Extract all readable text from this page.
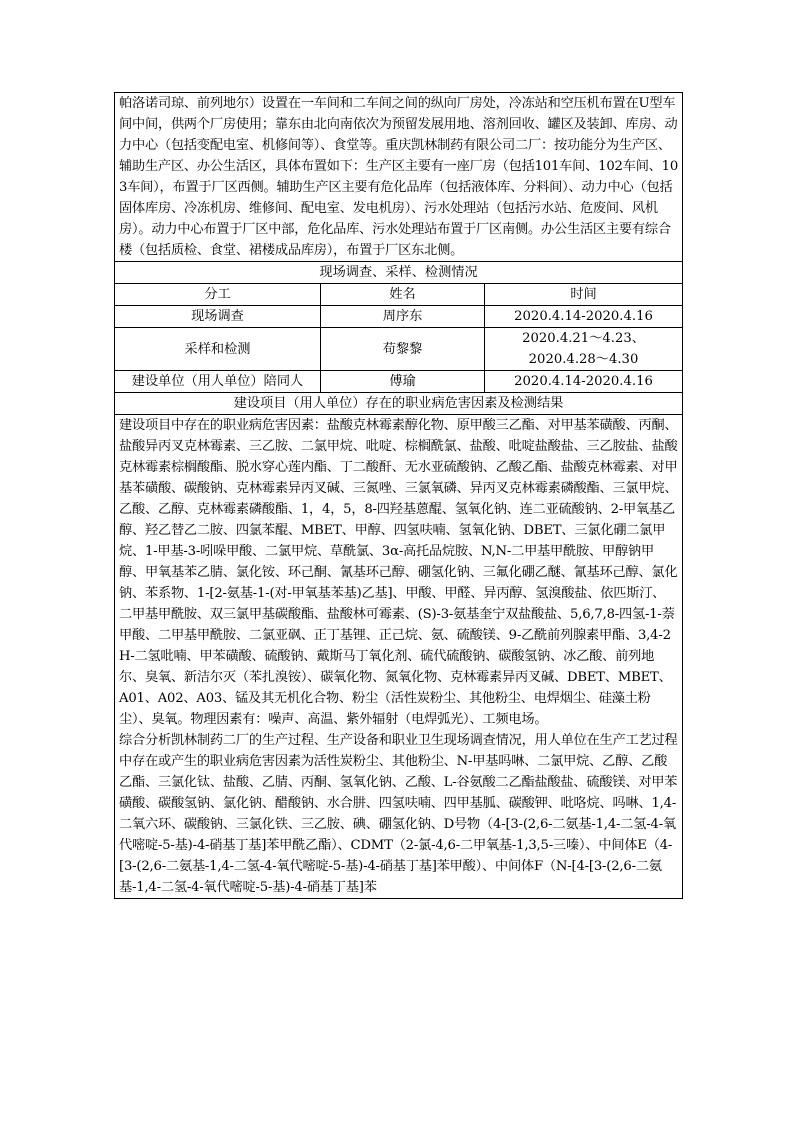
帕洛诺司琼、前列地尔）设置在一车间和二车间之间的纵向厂房处，冷冻站和空压机布置在U型车间中间，供两个厂房使用；靠东由北向南依次为预留发展用地、溶剂回收、罐区及装卸、库房、动力中心（包括变配电室、机修间等）、食堂等。重庆凯林制药有限公司二厂：按功能分为生产区、辅助生产区、办公生活区，具体布置如下：生产区主要有一座厂房（包括101车间、102车间、103车间），布置于厂区西侧。辅助生产区主要有危化品库（包括液体库、分料间）、动力中心（包括固体库房、冷冻机房、维修间、配电室、发电机房）、污水处理站（包括污水站、危废间、风机房）。动力中心布置于厂区中部，危化品库、污水处理站布置于厂区南侧。办公生活区主要有综合楼（包括质检、食堂、裙楼成品库房），布置于厂区东北侧。		
现场调查、采样、检测情况		
分工	姓名	时间
现场调查	周序东	2020.4.14-2020.4.16
采样和检测	苟黎黎	2020.4.21～4.23、
2020.4.28～4.30

建设单位（用人单位）陪同人	傅瑜	2020.4.14-2020.4.16
建设项目（用人单位）存在的职业病危害因素及检测结果		

建设项目中存在的职业病危害因素：盐酸克林霉素醇化物、原甲酸三乙酯、对甲基苯磺酸、丙酮、盐酸异丙叉克林霉素、三乙胺、二氯甲烷、吡啶、棕榈酰氯、盐酸、吡啶盐酸盐、三乙胺盐、盐酸克林霉素棕榈酸酯、脱水穿心莲内酯、丁二酸酐、无水亚硫酸钠、乙酸乙酯、盐酸克林霉素、对甲基苯磺酸、碳酸钠、克林霉素异丙叉碱、三氮唑、三氯氧磷、异丙叉克林霉素磷酸酯、三氯甲烷、乙酸、乙醇、克林霉素磷酸酯、1，4，5，8-四羟基蒽醌、氢氧化钠、连二亚硫酸钠、2-甲氧基乙醇、羟乙替乙二胺、四氯苯醌、MBET、甲醇、四氢呋喃、氢氧化钠、DBET、三氯化硼二氯甲烷、1-甲基-3-吲哚甲酸、二氯甲烷、草酰氯、3α-高托品烷胺、N,N-二甲基甲酰胺、甲醇钠甲醇、甲氧基苯乙腈、氯化铵、环己酮、氰基环己醇、硼氢化钠、三氟化硼乙醚、氰基环己醇、氯化钠、苯系物、1-[2-氨基-1-(对-甲氧基苯基)乙基]、甲酸、甲醛、异丙醇、氢溴酸盐、依匹斯汀、二甲基甲酰胺、双三氯甲基碳酸酯、盐酸林可霉素、(S)-3-氨基奎宁双盐酸盐、5,6,7,8-四氢-1-萘甲酸、二甲基甲酰胺、二氯亚砜、正丁基锂、正己烷、氨、硫酸镁、9-乙酰前列腺素甲酯、3,4-2H-二氢吡喃、甲苯磺酸、硫酸钠、戴斯马丁氧化剂、硫代硫酸钠、碳酸氢钠、冰乙酸、前列地尔、臭氧、新洁尔灭（苯扎溴铵）、碳氧化物、氮氧化物、克林霉素异丙叉碱、DBET、MBET、A01、A02、A03、锰及其无机化合物、粉尘（活性炭粉尘、其他粉尘、电焊烟尘、硅藻土粉尘）、臭氧。物理因素有：噪声、高温、紫外辐射（电焊弧光）、工频电场。
综合分析凯林制药二厂的生产过程、生产设备和职业卫生现场调查情况，用人单位在生产工艺过程中存在或产生的职业病危害因素为活性炭粉尘、其他粉尘、N-甲基吗啉、二氯甲烷、乙醇、乙酸乙酯、三氯化钛、盐酸、乙腈、丙酮、氢氧化钠、乙酸、L-谷氨酸二乙酯盐酸盐、硫酸镁、对甲苯磺酸、碳酸氢钠、氯化钠、醋酸钠、水合肼、四氢呋喃、四甲基胍、碳酸钾、吡咯烷、吗啉、1,4-二氧六环、碳酸钠、三氯化铁、三乙胺、碘、硼氢化钠、D号物（4-[3-(2,6-二氨基-1,4-二氢-4-氧代嘧啶-5-基)-4-硝基丁基]苯甲酰乙酯）、CDMT（2-氯-4,6-二甲氧基-1,3,5-三嗪）、中间体E（4-[3-(2,6-二氨基-1,4-二氢-4-氧代嘧啶-5-基)-4-硝基丁基]苯甲酸）、中间体F（N-[4-[3-(2,6-二氨基-1,4-二氢-4-氧代嘧啶-5-基)-4-硝基丁基]苯		
